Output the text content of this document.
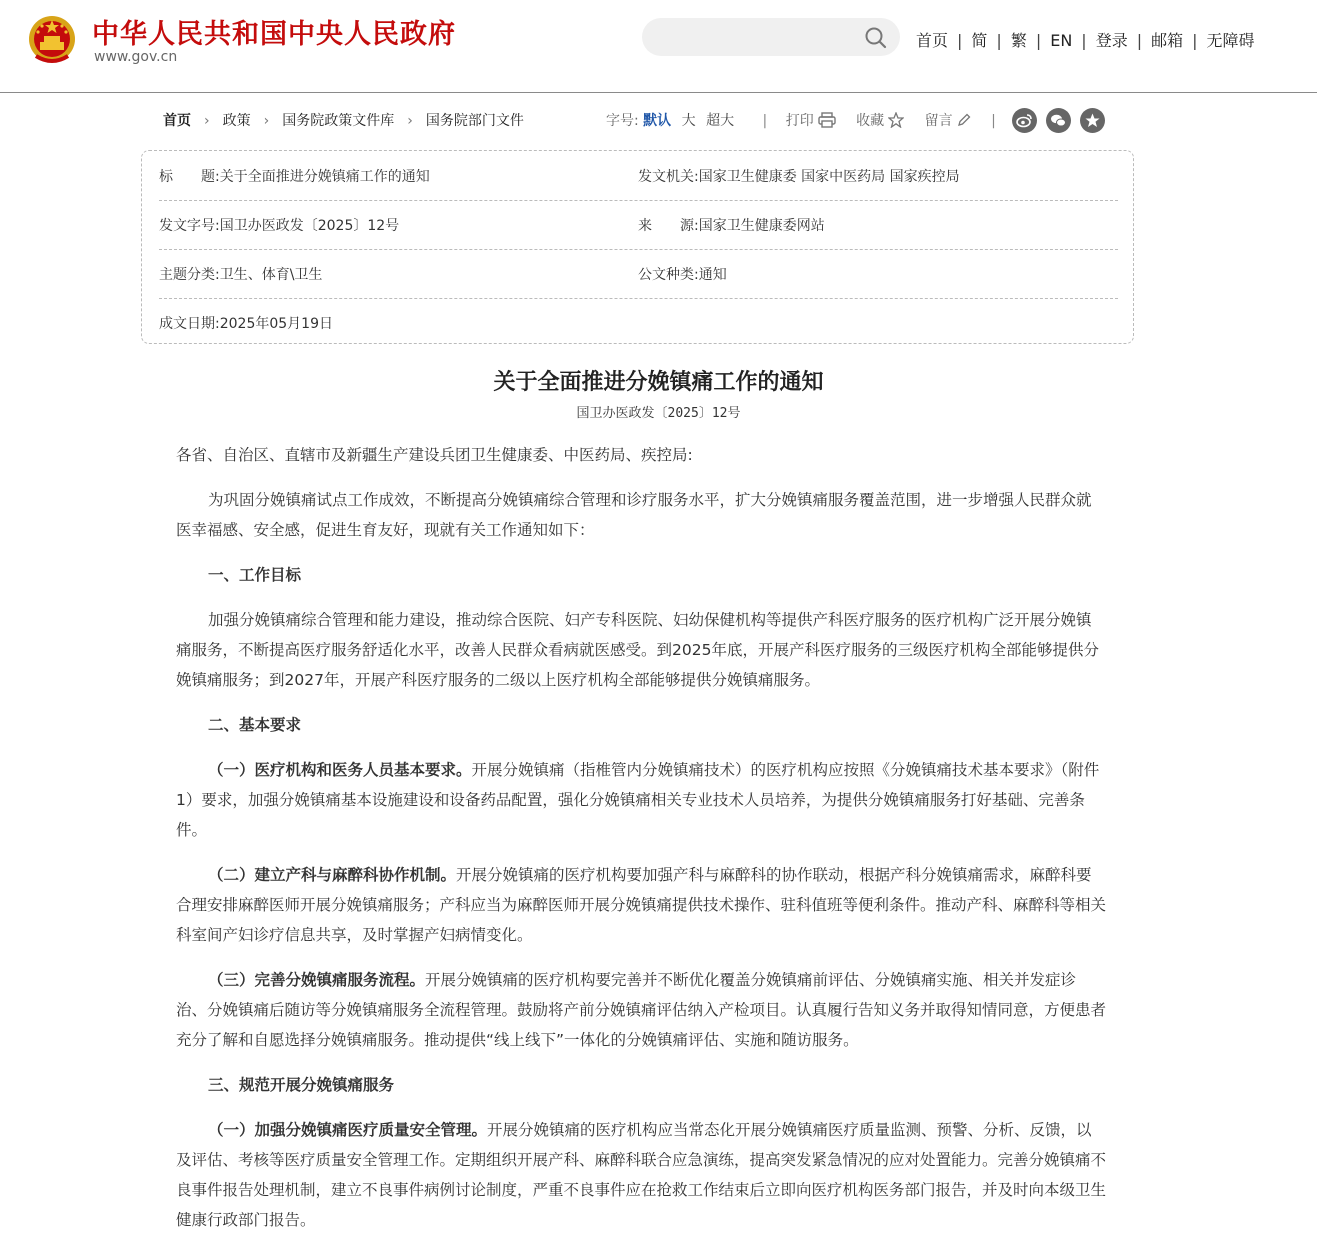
中华人民共和国中央人民政府
www.gov.cn
首页 | 简 | 繁 | EN | 登录 | 邮箱 | 无障碍
首页 › 政策 › 国务院政策文件库 › 国务院部门文件	字号: 默认 大 超大 | 打印
	收藏
	留言	|
标　　题:关于全面推进分娩镇痛工作的通知	发文机关:国家卫生健康委 国家中医药局 国家疾控局
发文字号:国卫办医政发〔2025〕12号	来　　源:国家卫生健康委网站
主题分类:卫生、体育\卫生	公文种类:通知
成文日期:2025年05月19日
关于全面推进分娩镇痛工作的通知
国卫办医政发〔2025〕12号

各省、自治区、直辖市及新疆生产建设兵团卫生健康委、中医药局、疾控局:

为巩固分娩镇痛试点工作成效，不断提高分娩镇痛综合管理和诊疗服务水平，扩大分娩镇痛服务覆盖范围，进一步增强人民群众就医幸福感、安全感，促进生育友好，现就有关工作通知如下：

一、工作目标

加强分娩镇痛综合管理和能力建设，推动综合医院、妇产专科医院、妇幼保健机构等提供产科医疗服务的医疗机构广泛开展分娩镇痛服务，不断提高医疗服务舒适化水平，改善人民群众看病就医感受。到2025年底，开展产科医疗服务的三级医疗机构全部能够提供分娩镇痛服务；到2027年，开展产科医疗服务的二级以上医疗机构全部能够提供分娩镇痛服务。

二、基本要求

（一）医疗机构和医务人员基本要求。开展分娩镇痛（指椎管内分娩镇痛技术）的医疗机构应按照《分娩镇痛技术基本要求》（附件1）要求，加强分娩镇痛基本设施建设和设备药品配置，强化分娩镇痛相关专业技术人员培养，为提供分娩镇痛服务打好基础、完善条件。

（二）建立产科与麻醉科协作机制。开展分娩镇痛的医疗机构要加强产科与麻醉科的协作联动，根据产科分娩镇痛需求，麻醉科要合理安排麻醉医师开展分娩镇痛服务；产科应当为麻醉医师开展分娩镇痛提供技术操作、驻科值班等便利条件。推动产科、麻醉科等相关科室间产妇诊疗信息共享，及时掌握产妇病情变化。

（三）完善分娩镇痛服务流程。开展分娩镇痛的医疗机构要完善并不断优化覆盖分娩镇痛前评估、分娩镇痛实施、相关并发症诊治、分娩镇痛后随访等分娩镇痛服务全流程管理。鼓励将产前分娩镇痛评估纳入产检项目。认真履行告知义务并取得知情同意，方便患者充分了解和自愿选择分娩镇痛服务。推动提供“线上线下”一体化的分娩镇痛评估、实施和随访服务。

三、规范开展分娩镇痛服务

（一）加强分娩镇痛医疗质量安全管理。开展分娩镇痛的医疗机构应当常态化开展分娩镇痛医疗质量监测、预警、分析、反馈，以及评估、考核等医疗质量安全管理工作。定期组织开展产科、麻醉科联合应急演练，提高突发紧急情况的应对处置能力。完善分娩镇痛不良事件报告处理机制，建立不良事件病例讨论制度，严重不良事件应在抢救工作结束后立即向医疗机构医务部门报告，并及时向本级卫生健康行政部门报告。
